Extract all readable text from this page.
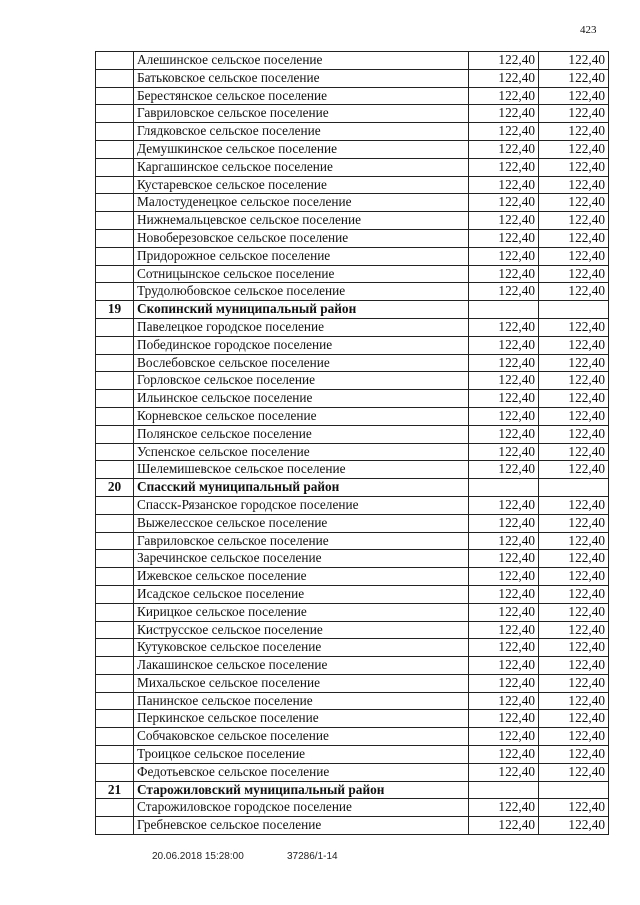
423
	Алешинское сельское поселение	122,40	122,40
	Батьковское сельское поселение	122,40	122,40
	Берестянское сельское поселение	122,40	122,40
	Гавриловское сельское поселение	122,40	122,40
	Глядковское сельское поселение	122,40	122,40
	Демушкинское сельское поселение	122,40	122,40
	Каргашинское сельское поселение	122,40	122,40
	Кустаревское сельское поселение	122,40	122,40
	Малостуденецкое сельское поселение	122,40	122,40
	Нижнемальцевское сельское поселение	122,40	122,40
	Новоберезовское сельское поселение	122,40	122,40
	Придорожное сельское поселение	122,40	122,40
	Сотницынское сельское поселение	122,40	122,40
	Трудолюбовское сельское поселение	122,40	122,40
19	Скопинский муниципальный район		
	Павелецкое городское поселение	122,40	122,40
	Побединское городское поселение	122,40	122,40
	Вослебовское сельское поселение	122,40	122,40
	Горловское сельское поселение	122,40	122,40
	Ильинское сельское поселение	122,40	122,40
	Корневское сельское поселение	122,40	122,40
	Полянское сельское поселение	122,40	122,40
	Успенское сельское поселение	122,40	122,40
	Шелемишевское сельское поселение	122,40	122,40
20	Спасский муниципальный район		
	Спасск-Рязанское городское поселение	122,40	122,40
	Выжелесское сельское поселение	122,40	122,40
	Гавриловское сельское поселение	122,40	122,40
	Заречинское сельское поселение	122,40	122,40
	Ижевское сельское поселение	122,40	122,40
	Исадское сельское поселение	122,40	122,40
	Кирицкое сельское поселение	122,40	122,40
	Киструсское сельское поселение	122,40	122,40
	Кутуковское сельское поселение	122,40	122,40
	Лакашинское сельское поселение	122,40	122,40
	Михальское сельское поселение	122,40	122,40
	Панинское сельское поселение	122,40	122,40
	Перкинское сельское поселение	122,40	122,40
	Собчаковское сельское поселение	122,40	122,40
	Троицкое сельское поселение	122,40	122,40
	Федотьевское сельское поселение	122,40	122,40
21	Старожиловский муниципальный район		
	Старожиловское городское поселение	122,40	122,40
	Гребневское сельское поселение	122,40	122,40
20.06.2018 15:28:00	37286/1-14
